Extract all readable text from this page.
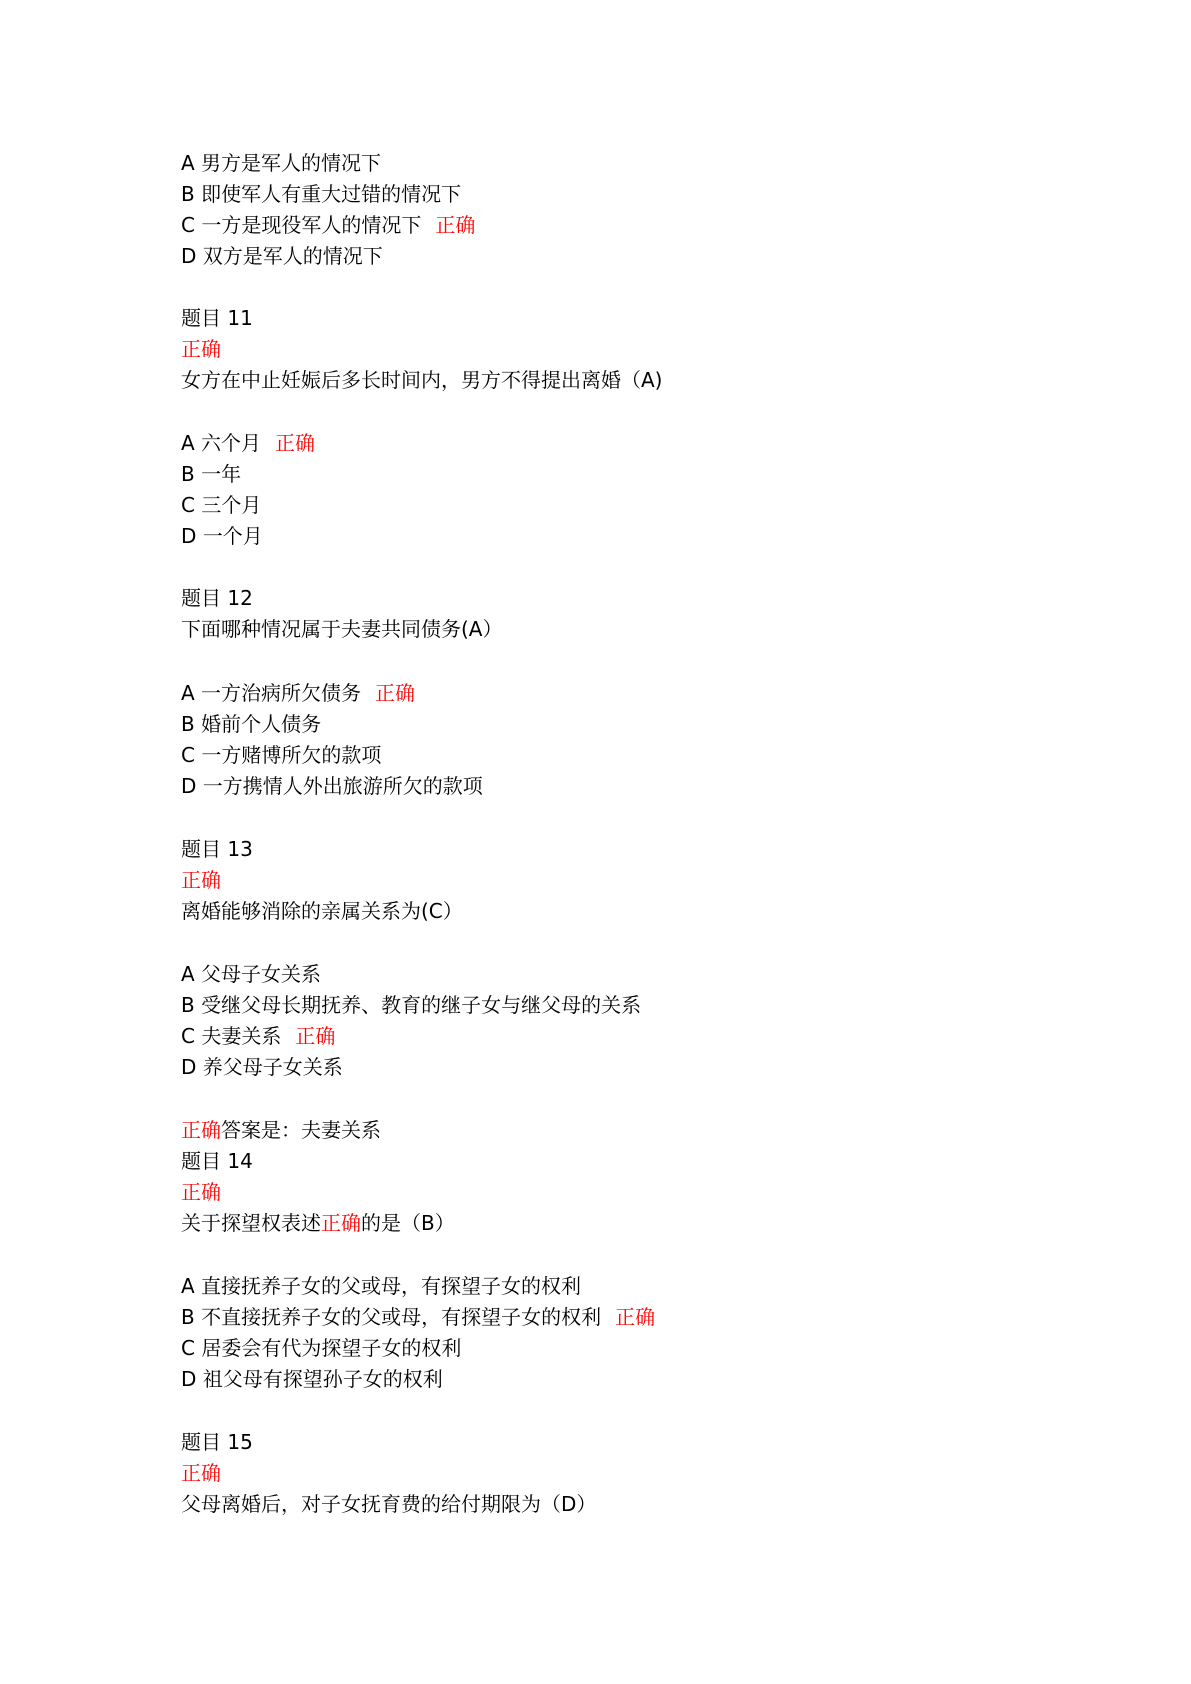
A 男方是军人的情况下
B 即使军人有重大过错的情况下
C 一方是现役军人的情况下 正确
D 双方是军人的情况下
题目 11
正确
女方在中止妊娠后多长时间内，男方不得提出离婚（A)
A 六个月 正确
B 一年
C 三个月
D 一个月
题目 12
下面哪种情况属于夫妻共同债务(A）
A 一方治病所欠债务 正确
B 婚前个人债务
C 一方赌博所欠的款项
D 一方携情人外出旅游所欠的款项
题目 13
正确
离婚能够消除的亲属关系为(C）
A 父母子女关系
B 受继父母长期抚养、教育的继子女与继父母的关系
C 夫妻关系 正确
D 养父母子女关系
正确答案是：夫妻关系
题目 14
正确
关于探望权表述正确的是（B）
A 直接抚养子女的父或母，有探望子女的权利
B 不直接抚养子女的父或母，有探望子女的权利 正确
C 居委会有代为探望子女的权利
D 祖父母有探望孙子女的权利
题目 15
正确
父母离婚后，对子女抚育费的给付期限为（D）
